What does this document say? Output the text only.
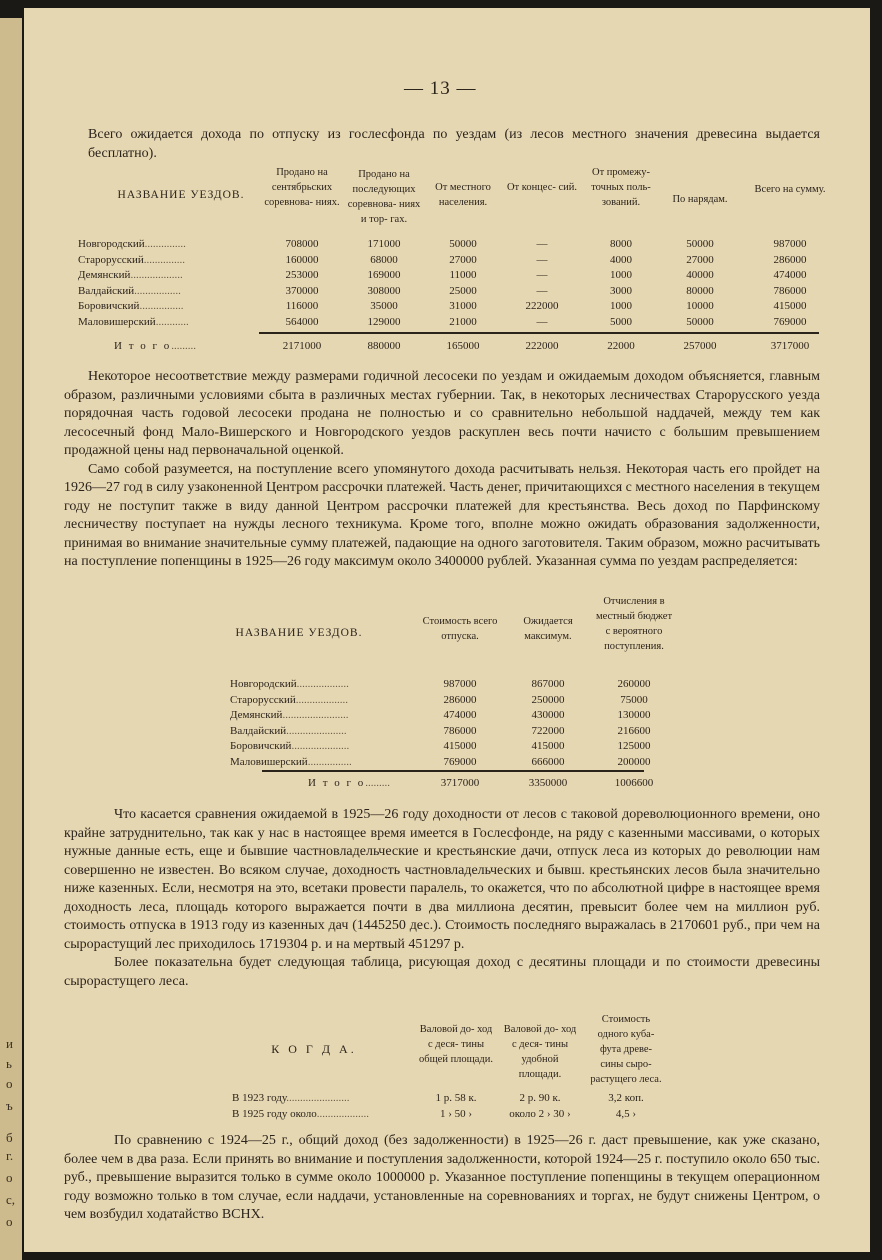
и
ь
о
ъ
б
г.
о
с,
о
— 13 —

Всего ожидается дохода по отпуску из гослесфонда по уездам (из лесов местного значения древесина выдается бесплатно).

НАЗВАНИЕ УЕЗДОВ.
Продано на сентябрьских соревнова- ниях.
Продано на последующих соревнова- ниях и тор- гах.
От местного населения.
От концес- сий.
От промежу- точных поль- зований.	По нарядам.
Всего на сумму.
Новгородский...............	708000	171000	50000	—	8000	50000	987000
Старорусский...............	160000	68000	27000	—	4000	27000	286000
Демянский...................	253000	169000	11000	—	1000	40000	474000
Валдайский.................	370000	308000	25000	—	3000	80000	786000
Боровичский................	116000	35000	31000	222000	1000	10000	415000
Маловишерский............	564000	129000	21000	—	5000	50000	769000
И т о г о.........	2171000	880000	165000	222000	22000	257000	3717000

Некоторое несоответствие между размерами годичной лесосеки по уездам и ожидаемым доходом объясняется, главным образом, различными условиями сбыта в различных местах губернии. Так, в некоторых лесничествах Старорусского уезда порядочная часть годовой лесосеки продана не полностью и со сравнительно небольшой наддачей, между тем как лесосечный фонд Мало-Вишерского и Новгородского уездов раскуплен весь почти начисто с большим превышением продажной цены над первоначальной оценкой.

Само собой разумеется, на поступление всего упомянутого дохода расчитывать нельзя. Некоторая часть его пройдет на 1926—27 год в силу узаконенной Центром рассрочки платежей. Часть денег, причитающихся с местного населения в текущем году не поступит также в виду данной Центром рассрочки платежей для крестьянства. Весь доход по Парфинскому лесничеству поступает на нужды лесного техникума. Кроме того, вполне можно ожидать образования задолженности, принимая во внимание значительные сумму платежей, падающие на одного заготовителя. Таким образом, можно расчитывать на поступление попенщины в 1925—26 году максимум около 3400000 рублей. Указанная сумма по уездам распределяется:

НАЗВАНИЕ УЕЗДОВ.
Стоимость всего отпуска.
Ожидается максимум.
Отчисления в местный бюджет с вероятного поступления.
Новгородский...................	987000	867000	260000
Старорусский...................	286000	250000	75000
Демянский........................	474000	430000	130000
Валдайский......................	786000	722000	216600
Боровичский.....................	415000	415000	125000
Маловишерский................	769000	666000	200000
И т о г о.........	3717000	3350000	1006600

Что касается сравнения ожидаемой в 1925—26 году доходности от лесов с таковой дореволюционного времени, оно крайне затруднительно, так как у нас в настоящее время имеется в Гослесфонде, на ряду с казенными массивами, о которых нужные данные есть, еще и бывшие частновладельческие и крестьянские дачи, отпуск леса из которых до революции нам совершенно не известен. Во всяком случае, доходность частновладельческих и бывш. крестьянских лесов была значительно ниже казенных. Если, несмотря на это, всетаки провести паралель, то окажется, что по абсолютной цифре в настоящее время доходность леса, площадь которого выражается почти в два миллиона десятин, превысит более чем на миллион руб. стоимость отпуска в 1913 году из казенных дач (1445250 дес.). Стоимость последняго выражалась в 2170601 руб., при чем на сырорастущий лес приходилось 1719304 р. и на мертвый 451297 р.

Более показательна будет следующая таблица, рисующая доход с десятины площади и по стоимости древесины сырорастущего леса.

К О Г Д А.
Валовой до- ход с деся- тины общей площади.
Валовой до- ход с деся- тины удобной площади.
Стоимость одного куба- фута древе- сины сыро- растущего леса.
В 1923 году.......................	1 р. 58 к.	2 р. 90 к.	3,2 коп.
В 1925 году около...................	1 › 50 ›	около 2 › 30 ›	4,5 ›

По сравнению с 1924—25 г., общий доход (без задолженности) в 1925—26 г. даст превышение, как уже сказано, более чем в два раза. Если принять во внимание и поступления задолженности, которой 1924—25 г. поступило около 650 тыс. руб., превышение выразится только в сумме около 1000000 р. Указанное поступление попенщины в текущем операционном году возможно только в том случае, если наддачи, установленные на соревнованиях и торгах, не будут снижены Центром, о чем возбудил ходатайство ВСНХ.
